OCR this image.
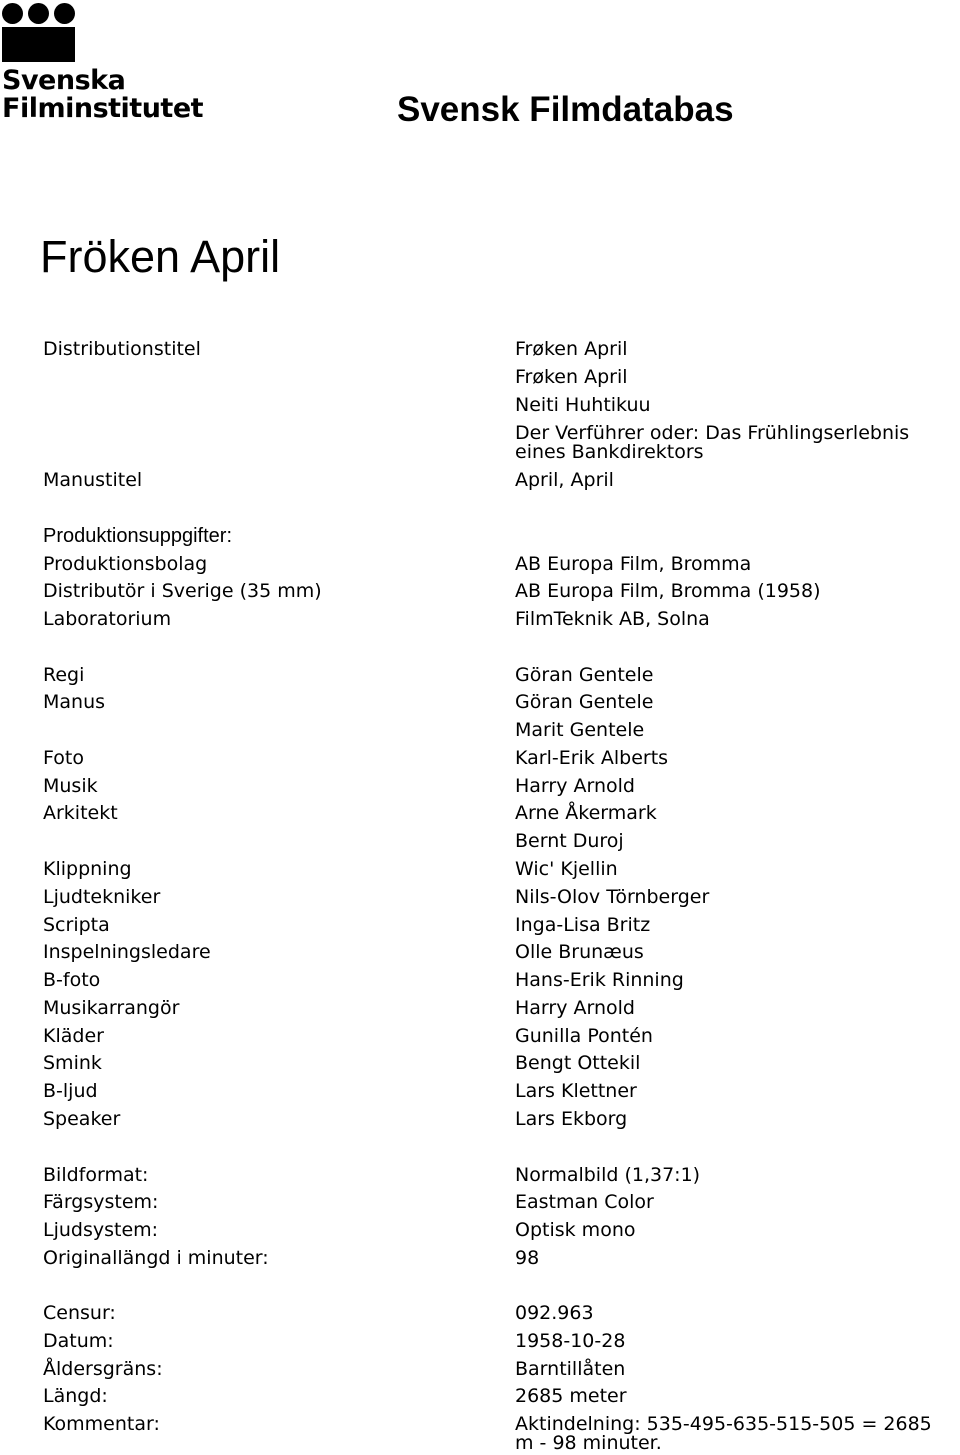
Svenska

Filminstitutet	Svensk Filmdatabas
Fröken April
Distributionstitel	Frøken April
Frøken April
Neiti Huhtikuu
Der Verführer oder: Das Frühlingserlebnis
eines Bankdirektors
Manustitel	April, April
Produktionsuppgifter:
Produktionsbolag	AB Europa Film, Bromma
Distributör i Sverige (35 mm)	AB Europa Film, Bromma (1958)
Laboratorium	FilmTeknik AB, Solna
Regi	Göran Gentele
Manus	Göran Gentele
Marit Gentele
Foto	Karl-Erik Alberts
Musik	Harry Arnold
Arkitekt	Arne Åkermark
Bernt Duroj
Klippning	Wic' Kjellin
Ljudtekniker	Nils-Olov Törnberger
Scripta	Inga-Lisa Britz
Inspelningsledare	Olle Brunæus
B-foto	Hans-Erik Rinning
Musikarrangör	Harry Arnold
Kläder	Gunilla Pontén
Smink	Bengt Ottekil
B-ljud	Lars Klettner
Speaker	Lars Ekborg
Bildformat:	Normalbild (1,37:1)
Färgsystem:	Eastman Color
Ljudsystem:	Optisk mono
Originallängd i minuter:	98
Censur:	092.963
Datum:	1958-10-28
Åldersgräns:	Barntillåten
Längd:	2685 meter
Kommentar:	Aktindelning: 535-495-635-515-505 = 2685
m - 98 minuter.
